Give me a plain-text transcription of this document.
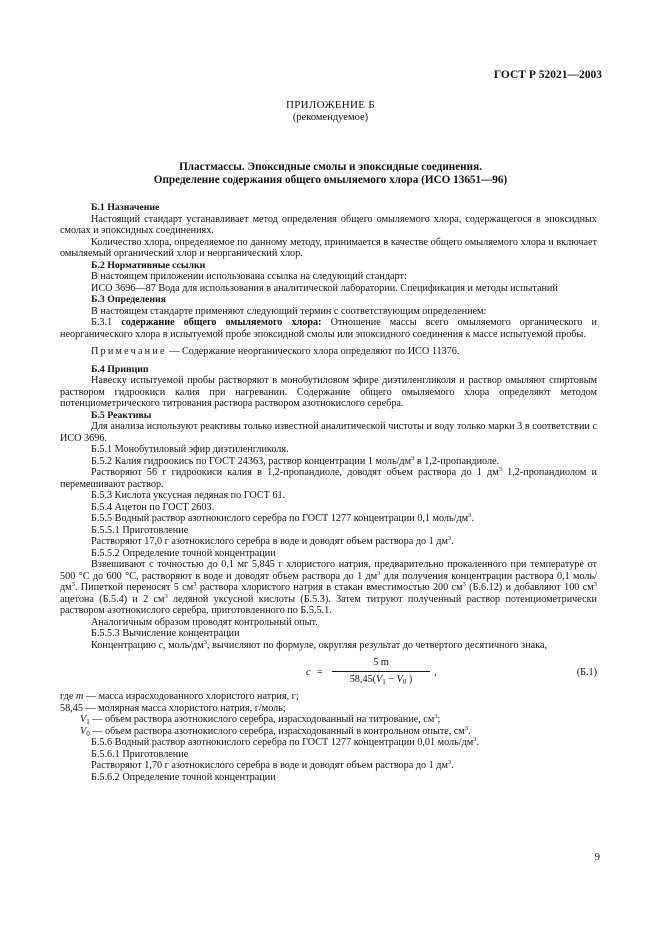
ГОСТ Р 52021—2003
ПРИЛОЖЕНИЕ Б
(рекомендуемое)
Пластмассы. Эпоксидные смолы и эпоксидные соединения.
Определение содержания общего омыляемого хлора (ИСО 13651—96)
Б.1 Назначение

Настоящий стандарт устанавливает метод определения общего омыляемого хлора, содержащегося в эпоксидных смолах и эпоксидных соединениях.

Количество хлора, определяемое по данному методу, принимается в качестве общего омыляемого хлора и включает омыляемый органический хлор и неорганический хлор.

Б.2 Нормативные ссылки

В настоящем приложении использована ссылка на следующий стандарт:

ИСО 3696—87 Вода для использования в аналитической лаборатории. Спецификация и методы испытаний

Б.3 Определения

В настоящем стандарте применяют следующий термин с соответствующим определением:

Б.3.1 содержание общего омыляемого хлора: Отношение массы всего омыляемого органического и неорганического хлора в испытуемой пробе эпоксидной смолы или эпоксидного соединения к массе испытуемой пробы.

Примечание — Содержание неорганического хлора определяют по ИСО 11376.

Б.4 Принцип

Навеску испытуемой пробы растворяют в монобутиловом эфире диэтиленгликоля и раствор омыляют спиртовым раствором гидроокиси калия при нагревании. Содержание общего омыляемого хлора определяют методом потенциометрического титрования раствора раствором азотнокислого серебра.

Б.5 Реактивы

Для анализа используют реактивы только известной аналитической чистоты и воду только марки 3 в соответствии с ИСО 3696.

Б.5.1 Монобутиловый эфир диэтиленгликоля.

Б.5.2 Калия гидроокись по ГОСТ 24363, раствор концентрации 1 моль/$дм^3$ в 1,2-пропандиоле.

Растворяют 56 г гидроокиси калия в 1,2-пропандиоле, доводят объем раствора до 1 $дм^3$ 1,2-пропандиолом и перемешивают раствор.

Б.5.3 Кислота уксусная ледяная по ГОСТ 61.

Б.5.4 Ацетон по ГОСТ 2603.

Б.5.5 Водный раствор азотнокислого серебра по ГОСТ 1277 концентрации 0,1 моль/$дм^3$.

Б.5.5.1 Приготовление

Растворяют 17,0 г азотнокислого серебра в воде и доводят объем раствора до 1 $дм^3$.

Б.5.5.2 Определение точной концентрации

Взвешивают с точностью до 0,1 мг 5,845 г хлористого натрия, предварительно прокаленного при температуре от 500 °С до 600 °С, растворяют в воде и доводят объем раствора до 1 $дм^3$ для получения концентрации раствора 0,1 моль/$дм^3$. Пипеткой переносят 5 $см^3$ раствора хлористого натрия в стакан вместимостью 200 $см^3$ (Б.6.12) и добавляют 100 $см^3$ ацетона (Б.5.4) и 2 $см^3$ ледяной уксусной кислоты (Б.5.3). Затем титруют полученный раствор потенциометрически раствором азотнокислого серебра, приготовленного по Б.5.5.1.

Аналогичным образом проводят контрольный опыт.

Б.5.5.3 Вычисление концентрации

Концентрацию с, моль/$дм^3$, вычисляют по формуле, округляя результат до четвертого десятичного знака,

c =
5 m
$58,45(V_1 - V_0$ )
,	(Б.1)

где m — масса израсходованного хлористого натрия, г;

58,45 — молярная масса хлористого натрия, г/моль;

$V_1$ — объем раствора азотнокислого серебра, израсходованный на титрование, $см^3$;

$V_0$ — объем раствора азотнокислого серебра, израсходованный в контрольном опыте, $см^3$.

Б.5.6 Водный раствор азотнокислого серебра по ГОСТ 1277 концентрации 0,01 моль/$дм^3$.

Б.5.6.1 Приготовление

Растворяют 1,70 г азотнокислого серебра в воде и доводят объем раствора до 1 $дм^3$.

Б.5.6.2 Определение точной концентрации

9
